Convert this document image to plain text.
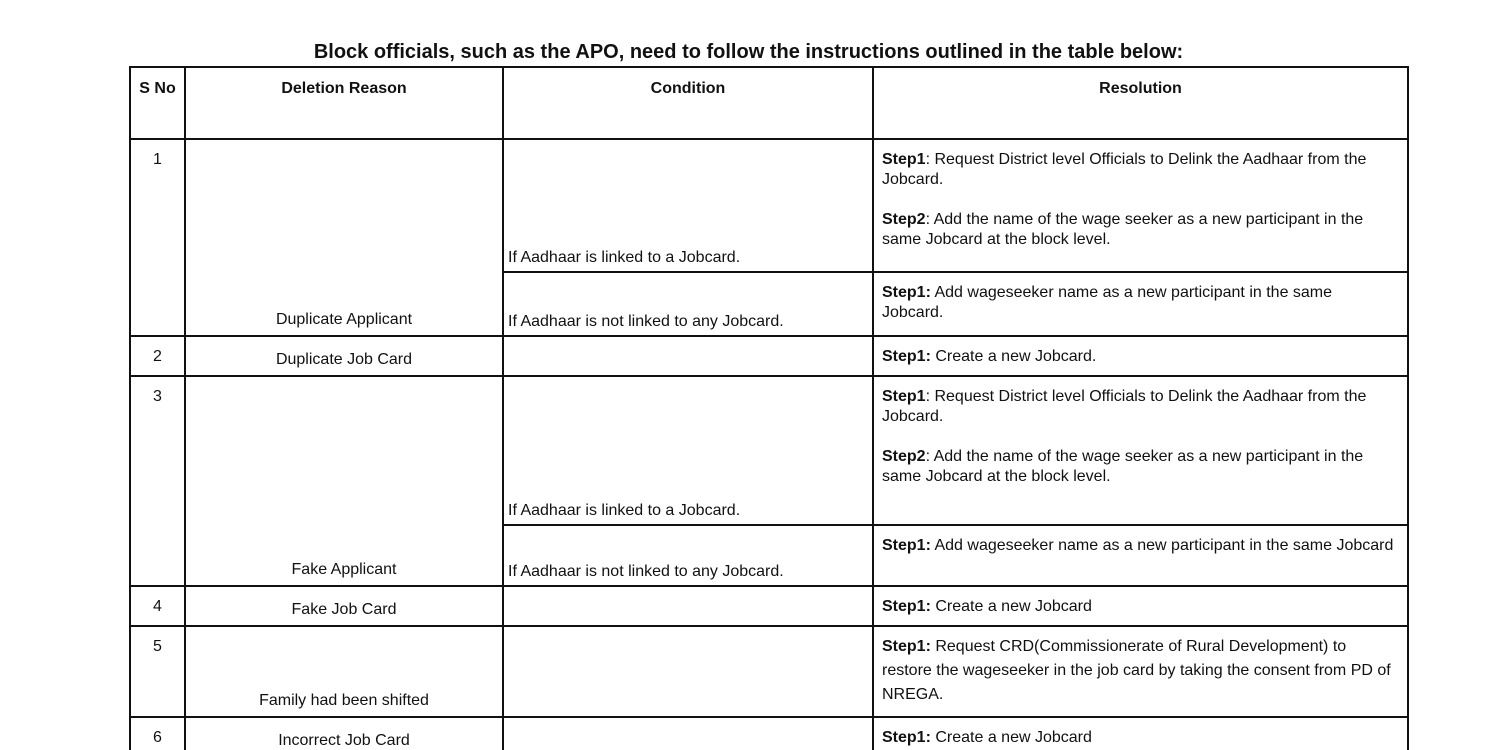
Block officials, such as the APO, need to follow the instructions outlined in the table below:
S No	Deletion Reason	Condition	Resolution
1	Duplicate Applicant	If Aadhaar is linked to a Jobcard.	Step1: Request District level Officials to Delink the Aadhaar from the Jobcard.

Step2: Add the name of the wage seeker as a new participant in the same Jobcard at the block level.

		If Aadhaar is not linked to any Jobcard.	Step1: Add wageseeker name as a new participant in the same Jobcard.

2	Duplicate Job Card		Step1: Create a new Jobcard.

3	Fake Applicant	If Aadhaar is linked to a Jobcard.	Step1: Request District level Officials to Delink the Aadhaar from the Jobcard.

Step2: Add the name of the wage seeker as a new participant in the same Jobcard at the block level.

		If Aadhaar is not linked to any Jobcard.	Step1: Add wageseeker name as a new participant in the same Jobcard

4	Fake Job Card		Step1: Create a new Jobcard

5	Family had been shifted		Step1: Request CRD(Commissionerate of Rural Development) to restore the wageseeker in the job card by taking the consent from PD of NREGA.

6	Incorrect Job Card		Step1: Create a new Jobcard
